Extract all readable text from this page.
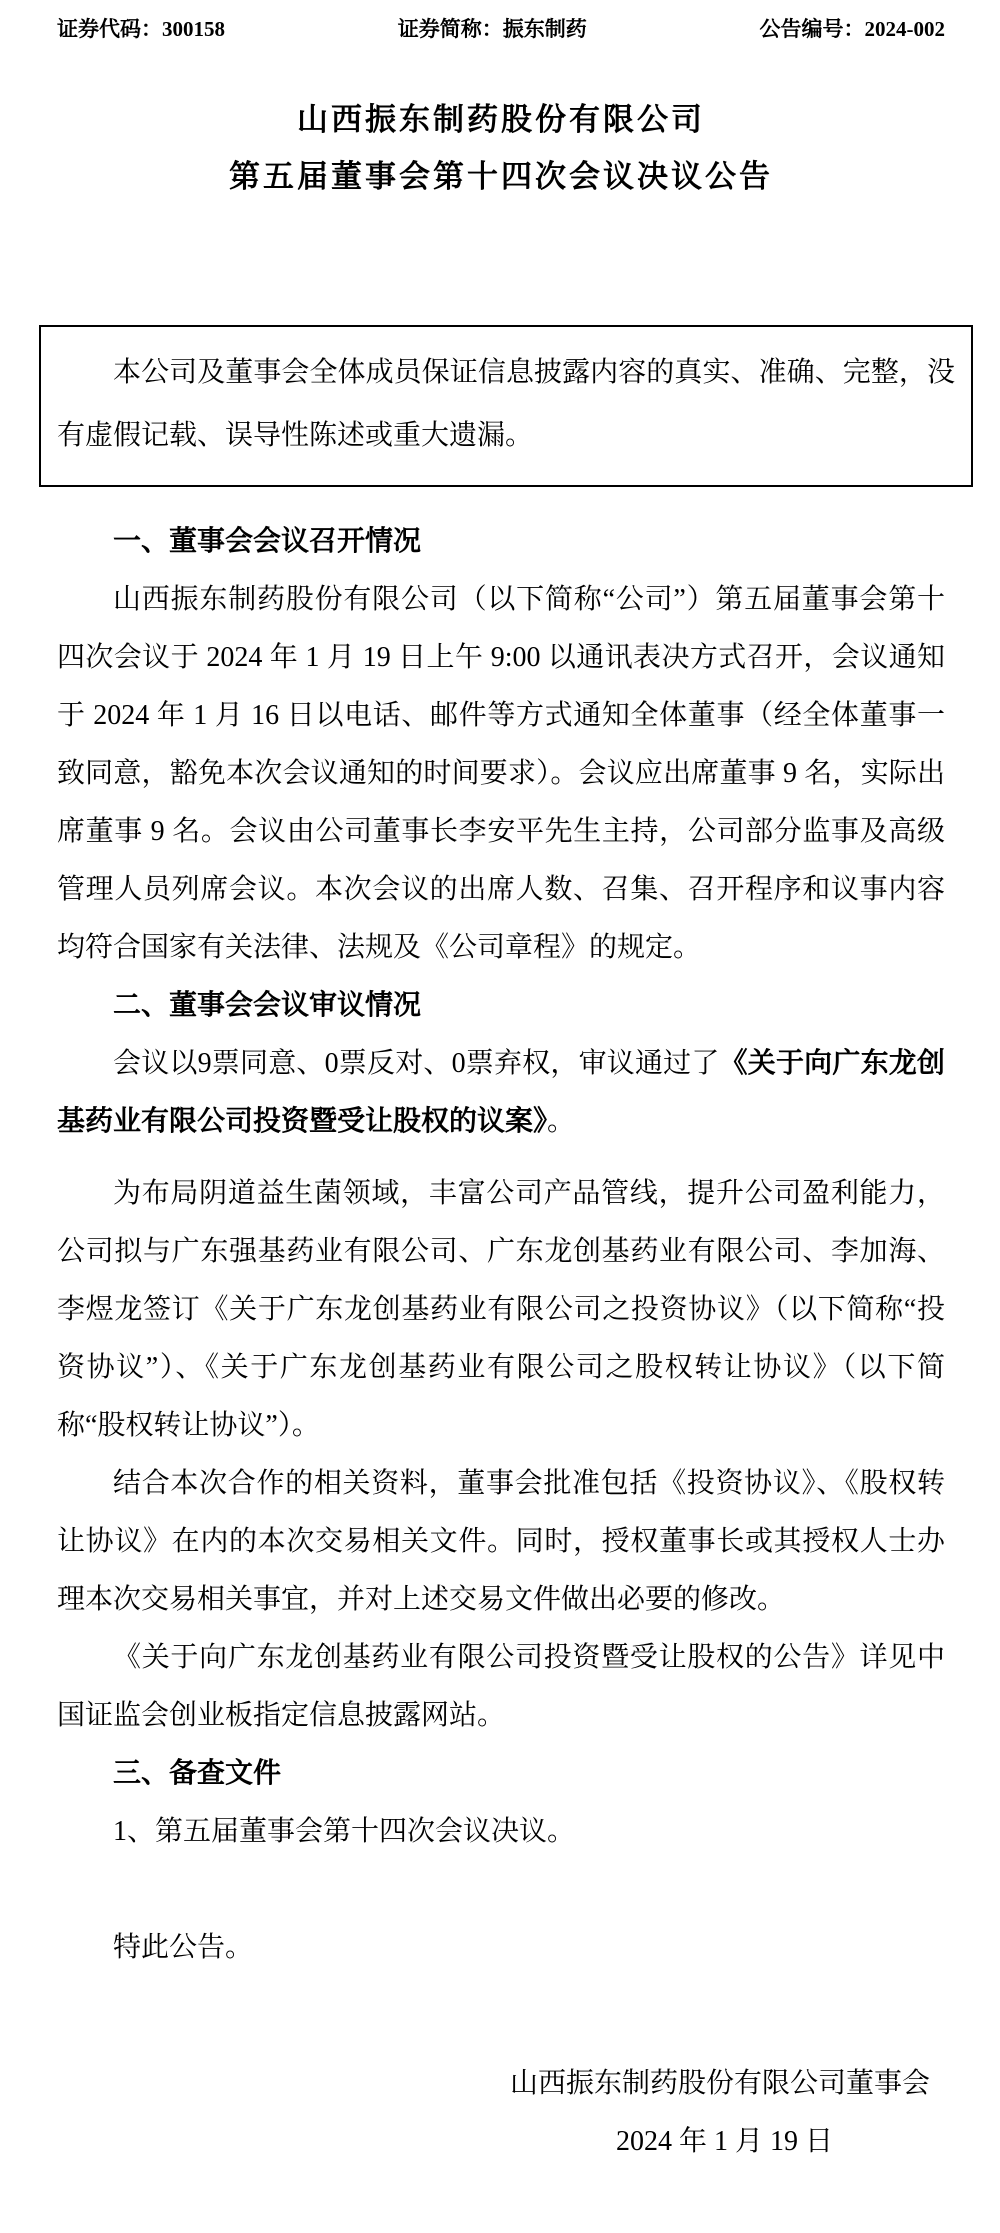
证券代码：300158	证券简称：振东制药	公告编号：2024-002
山西振东制药股份有限公司
第五届董事会第十四次会议决议公告

本公司及董事会全体成员保证信息披露内容的真实、准确、完整，没有虚假记载、误导性陈述或重大遗漏。

一、董事会会议召开情况

山西振东制药股份有限公司（以下简称“公司”）第五届董事会第十四次会议于 2024 年 1 月 19 日上午 9:00 以通讯表决方式召开，会议通知于 2024 年 1 月 16 日以电话、邮件等方式通知全体董事（经全体董事一致同意，豁免本次会议通知的时间要求）。会议应出席董事 9 名，实际出席董事 9 名。会议由公司董事长李安平先生主持，公司部分监事及高级管理人员列席会议。本次会议的出席人数、召集、召开程序和议事内容均符合国家有关法律、法规及《公司章程》的规定。

二、董事会会议审议情况

会议以9票同意、0票反对、0票弃权，审议通过了《关于向广东龙创基药业有限公司投资暨受让股权的议案》。

为布局阴道益生菌领域，丰富公司产品管线，提升公司盈利能力，公司拟与广东强基药业有限公司、广东龙创基药业有限公司、李加海、李煜龙签订《关于广东龙创基药业有限公司之投资协议》（以下简称“投资协议”）、《关于广东龙创基药业有限公司之股权转让协议》（以下简称“股权转让协议”）。

结合本次合作的相关资料，董事会批准包括《投资协议》、《股权转让协议》在内的本次交易相关文件。同时，授权董事长或其授权人士办理本次交易相关事宜，并对上述交易文件做出必要的修改。

《关于向广东龙创基药业有限公司投资暨受让股权的公告》详见中国证监会创业板指定信息披露网站。

三、备查文件

1、第五届董事会第十四次会议决议。

特此公告。

山西振东制药股份有限公司董事会
2024 年 1 月 19 日
